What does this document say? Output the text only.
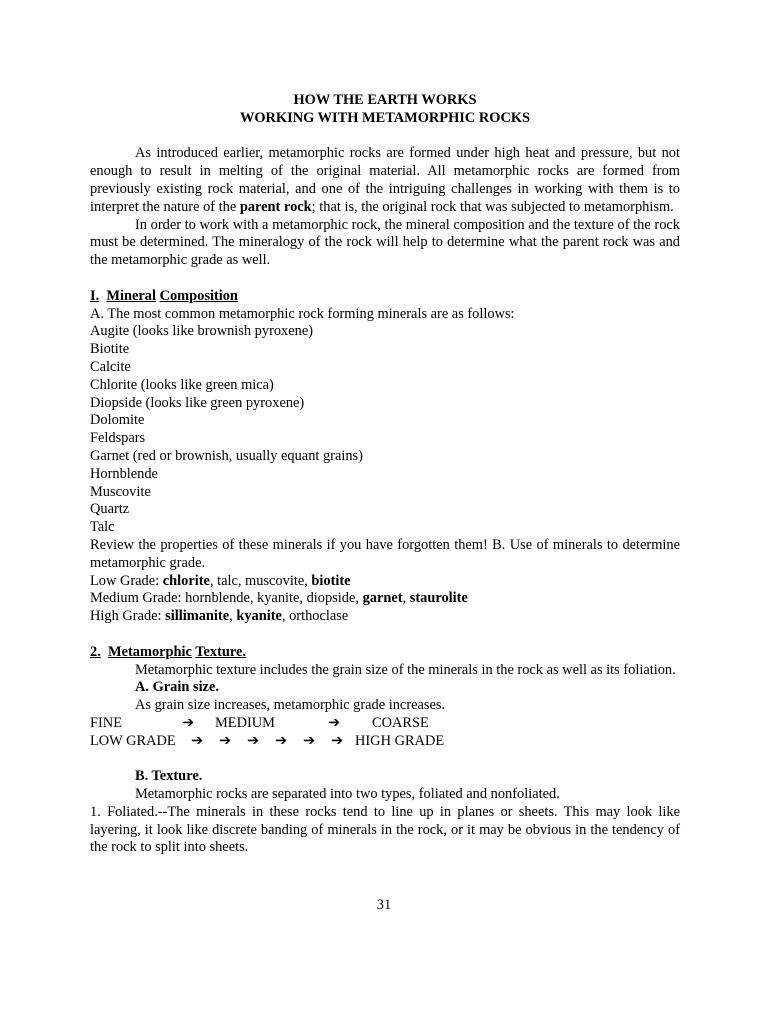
HOW THE EARTH WORKS

WORKING WITH METAMORPHIC ROCKS

As introduced earlier, metamorphic rocks are formed under high heat and pressure, but not enough to result in melting of the original material. All metamorphic rocks are formed from previously existing rock material, and one of the intriguing challenges in working with them is to interpret the nature of the parent rock; that is, the original rock that was subjected to metamorphism.

In order to work with a metamorphic rock, the mineral composition and the texture of the rock must be determined. The mineralogy of the rock will help to determine what the parent rock was and the metamorphic grade as well.

I. Mineral Composition

A. The most common metamorphic rock forming minerals are as follows:

Augite (looks like brownish pyroxene)

Biotite

Calcite

Chlorite (looks like green mica)

Diopside (looks like green pyroxene)

Dolomite

Feldspars

Garnet (red or brownish, usually equant grains)

Hornblende

Muscovite

Quartz

Talc

Review the properties of these minerals if you have forgotten them! B. Use of minerals to determine metamorphic grade.

Low Grade: chlorite, talc, muscovite, biotite

Medium Grade: hornblende, kyanite, diopside, garnet, staurolite

High Grade: sillimanite, kyanite, orthoclase

2. Metamorphic Texture.

Metamorphic texture includes the grain size of the minerals in the rock as well as its foliation.

A. Grain size.

As grain size increases, metamorphic grade increases.

FINE	➔ MEDIUM	➔ COARSE
LOW GRADE ➔ ➔ ➔ ➔ ➔ ➔ HIGH GRADE

B. Texture.

Metamorphic rocks are separated into two types, foliated and nonfoliated.

1. Foliated.--The minerals in these rocks tend to line up in planes or sheets. This may look like layering, it look like discrete banding of minerals in the rock, or it may be obvious in the tendency of the rock to split into sheets.

31
